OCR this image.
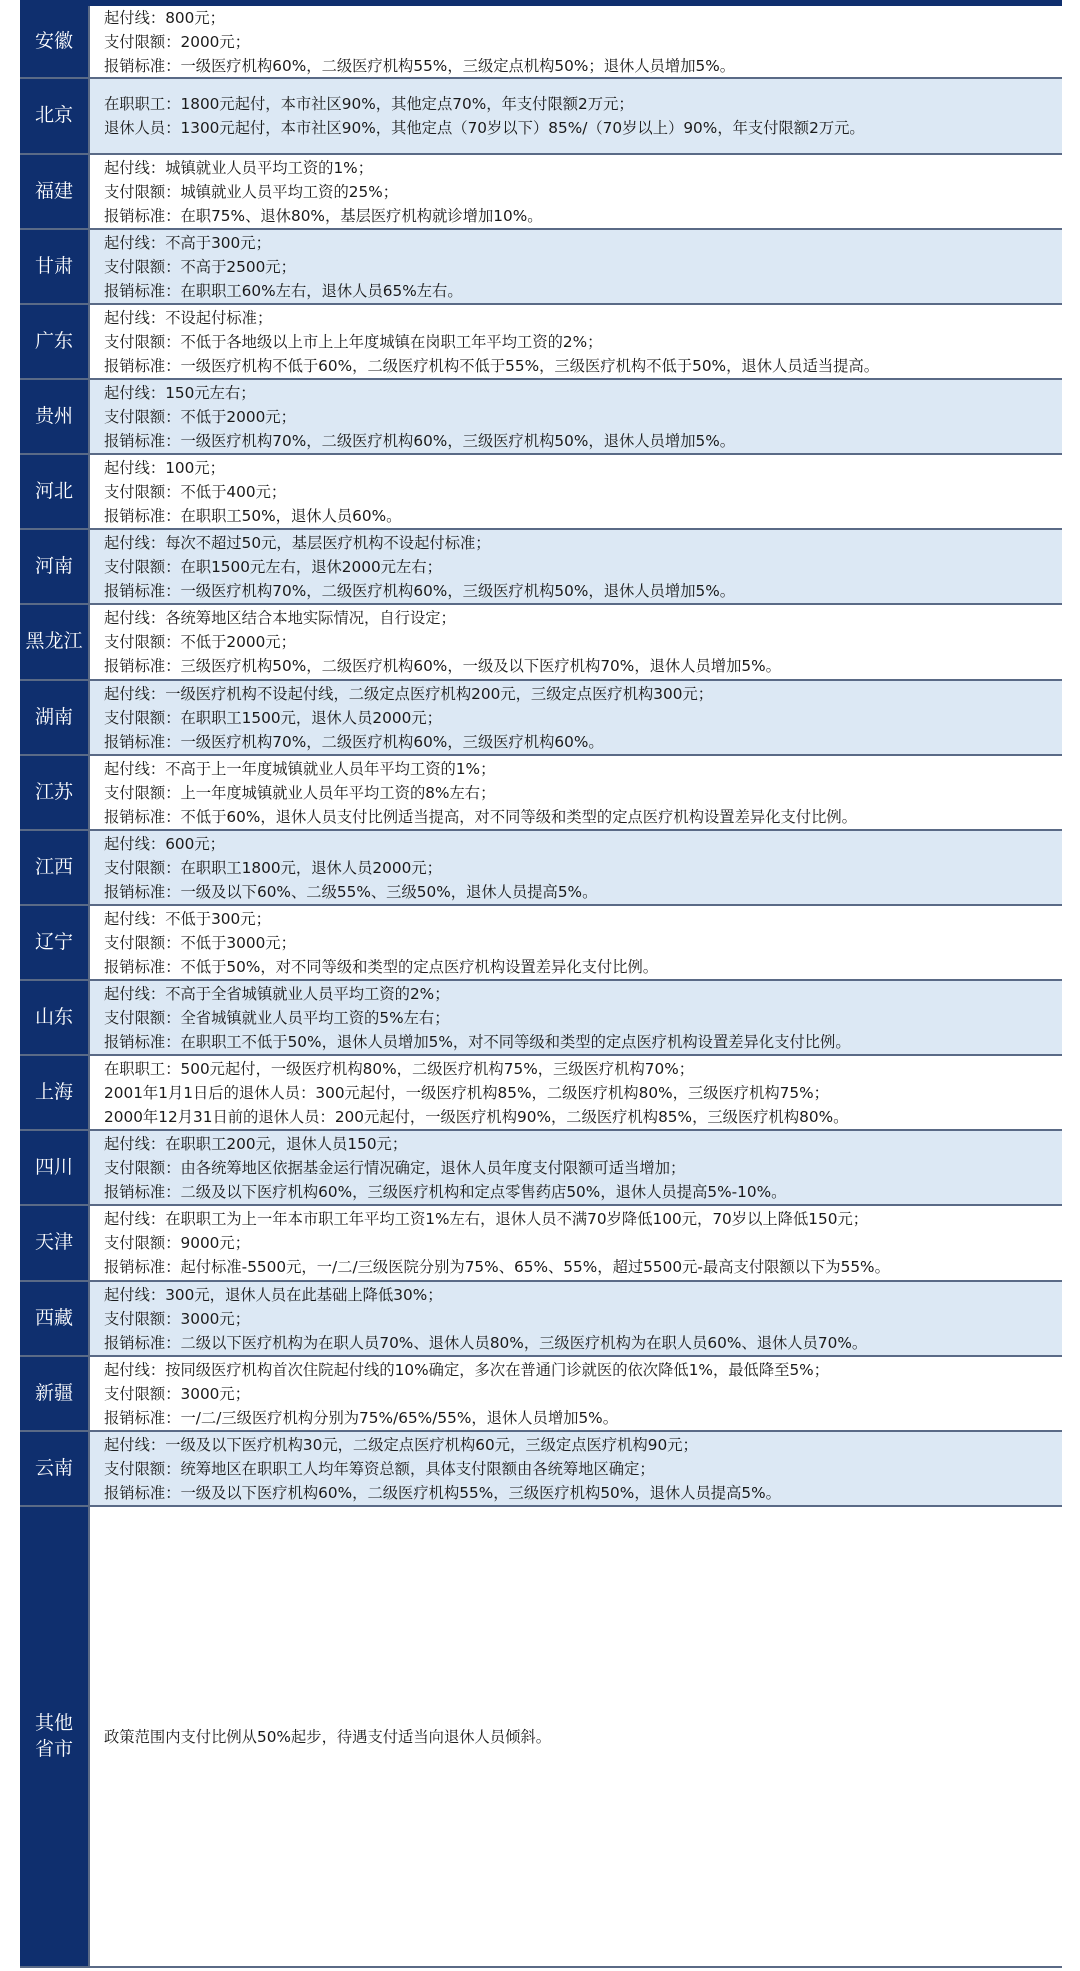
安徽
起付线：800元；
支付限额：2000元；
报销标准：一级医疗机构60%，二级医疗机构55%，三级定点机构50%；退休人员增加5%。
北京
在职职工：1800元起付，本市社区90%，其他定点70%，年支付限额2万元；
退休人员：1300元起付，本市社区90%，其他定点（70岁以下）85%/（70岁以上）90%，年支付限额2万元。
福建
起付线：城镇就业人员平均工资的1%；
支付限额：城镇就业人员平均工资的25%；
报销标准：在职75%、退休80%，基层医疗机构就诊增加10%。
甘肃
起付线：不高于300元；
支付限额：不高于2500元；
报销标准：在职职工60%左右，退休人员65%左右。
广东
起付线：不设起付标准；
支付限额：不低于各地级以上市上上年度城镇在岗职工年平均工资的2%；
报销标准：一级医疗机构不低于60%，二级医疗机构不低于55%，三级医疗机构不低于50%，退休人员适当提高。
贵州
起付线：150元左右；
支付限额：不低于2000元；
报销标准：一级医疗机构70%，二级医疗机构60%，三级医疗机构50%，退休人员增加5%。
河北
起付线：100元；
支付限额：不低于400元；
报销标准：在职职工50%，退休人员60%。
河南
起付线：每次不超过50元，基层医疗机构不设起付标准；
支付限额：在职1500元左右，退休2000元左右；
报销标准：一级医疗机构70%，二级医疗机构60%，三级医疗机构50%，退休人员增加5%。
黑龙江
起付线：各统筹地区结合本地实际情况，自行设定；
支付限额：不低于2000元；
报销标准：三级医疗机构50%，二级医疗机构60%，一级及以下医疗机构70%，退休人员增加5%。
湖南
起付线：一级医疗机构不设起付线，二级定点医疗机构200元，三级定点医疗机构300元；
支付限额：在职职工1500元，退休人员2000元；
报销标准：一级医疗机构70%，二级医疗机构60%，三级医疗机构60%。
江苏
起付线：不高于上一年度城镇就业人员年平均工资的1%；
支付限额：上一年度城镇就业人员年平均工资的8%左右；
报销标准：不低于60%，退休人员支付比例适当提高，对不同等级和类型的定点医疗机构设置差异化支付比例。
江西
起付线：600元；
支付限额：在职职工1800元，退休人员2000元；
报销标准：一级及以下60%、二级55%、三级50%，退休人员提高5%。
辽宁
起付线：不低于300元；
支付限额：不低于3000元；
报销标准：不低于50%，对不同等级和类型的定点医疗机构设置差异化支付比例。
山东
起付线：不高于全省城镇就业人员平均工资的2%；
支付限额：全省城镇就业人员平均工资的5%左右；
报销标准：在职职工不低于50%，退休人员增加5%，对不同等级和类型的定点医疗机构设置差异化支付比例。
上海
在职职工：500元起付，一级医疗机构80%，二级医疗机构75%，三级医疗机构70%；
2001年1月1日后的退休人员：300元起付，一级医疗机构85%，二级医疗机构80%，三级医疗机构75%；
2000年12月31日前的退休人员：200元起付，一级医疗机构90%，二级医疗机构85%，三级医疗机构80%。
四川
起付线：在职职工200元，退休人员150元；
支付限额：由各统筹地区依据基金运行情况确定，退休人员年度支付限额可适当增加；
报销标准：二级及以下医疗机构60%，三级医疗机构和定点零售药店50%，退休人员提高5%-10%。
天津
起付线：在职职工为上一年本市职工年平均工资1%左右，退休人员不满70岁降低100元，70岁以上降低150元；
支付限额：9000元；
报销标准：起付标准-5500元，一/二/三级医院分别为75%、65%、55%，超过5500元-最高支付限额以下为55%。
西藏
起付线：300元，退休人员在此基础上降低30%；
支付限额：3000元；
报销标准：二级以下医疗机构为在职人员70%、退休人员80%，三级医疗机构为在职人员60%、退休人员70%。
新疆
起付线：按同级医疗机构首次住院起付线的10%确定，多次在普通门诊就医的依次降低1%，最低降至5%；
支付限额：3000元；
报销标准：一/二/三级医疗机构分别为75%/65%/55%，退休人员增加5%。
云南
起付线：一级及以下医疗机构30元，二级定点医疗机构60元，三级定点医疗机构90元；
支付限额：统筹地区在职职工人均年筹资总额，具体支付限额由各统筹地区确定；
报销标准：一级及以下医疗机构60%，二级医疗机构55%，三级医疗机构50%，退休人员提高5%。
其他
省市
政策范围内支付比例从50%起步，待遇支付适当向退休人员倾斜。
